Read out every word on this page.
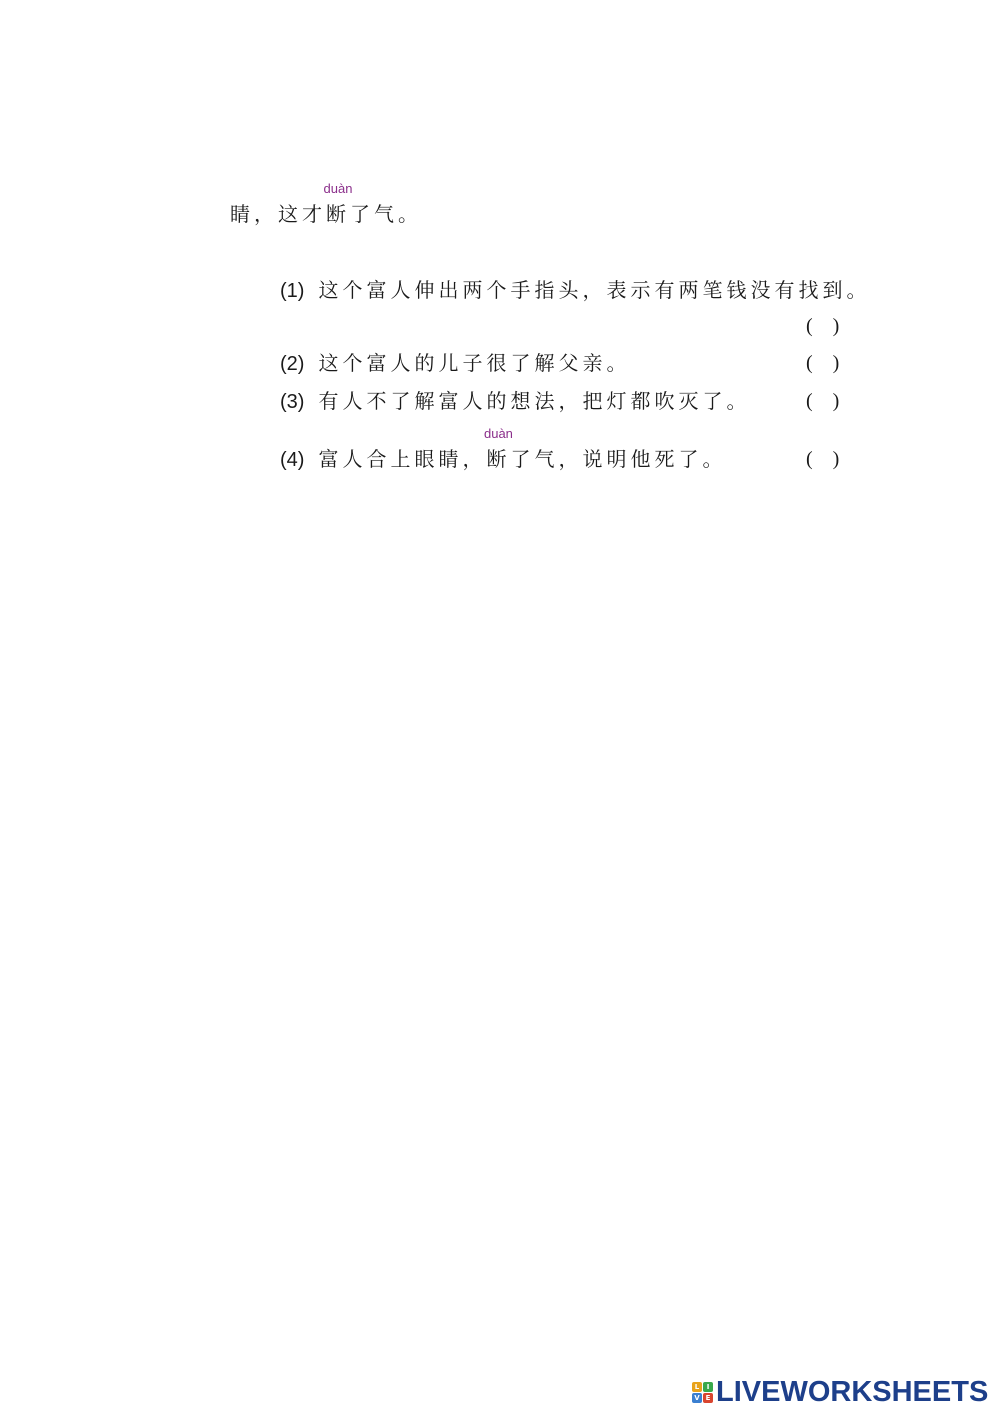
睛，这才
duàn
断了气。
(1) 这个富人伸出两个手指头，表示有两笔钱没有找到。
(　)
(2) 这个富人的儿子很了解父亲。	(　)
(3) 有人不了解富人的想法，把灯都吹灭了。	(　)
(4) 富人合上眼睛，
duàn
断了气，说明他死了。	(　)
L	I
V E LIVEWORKSHEETS
